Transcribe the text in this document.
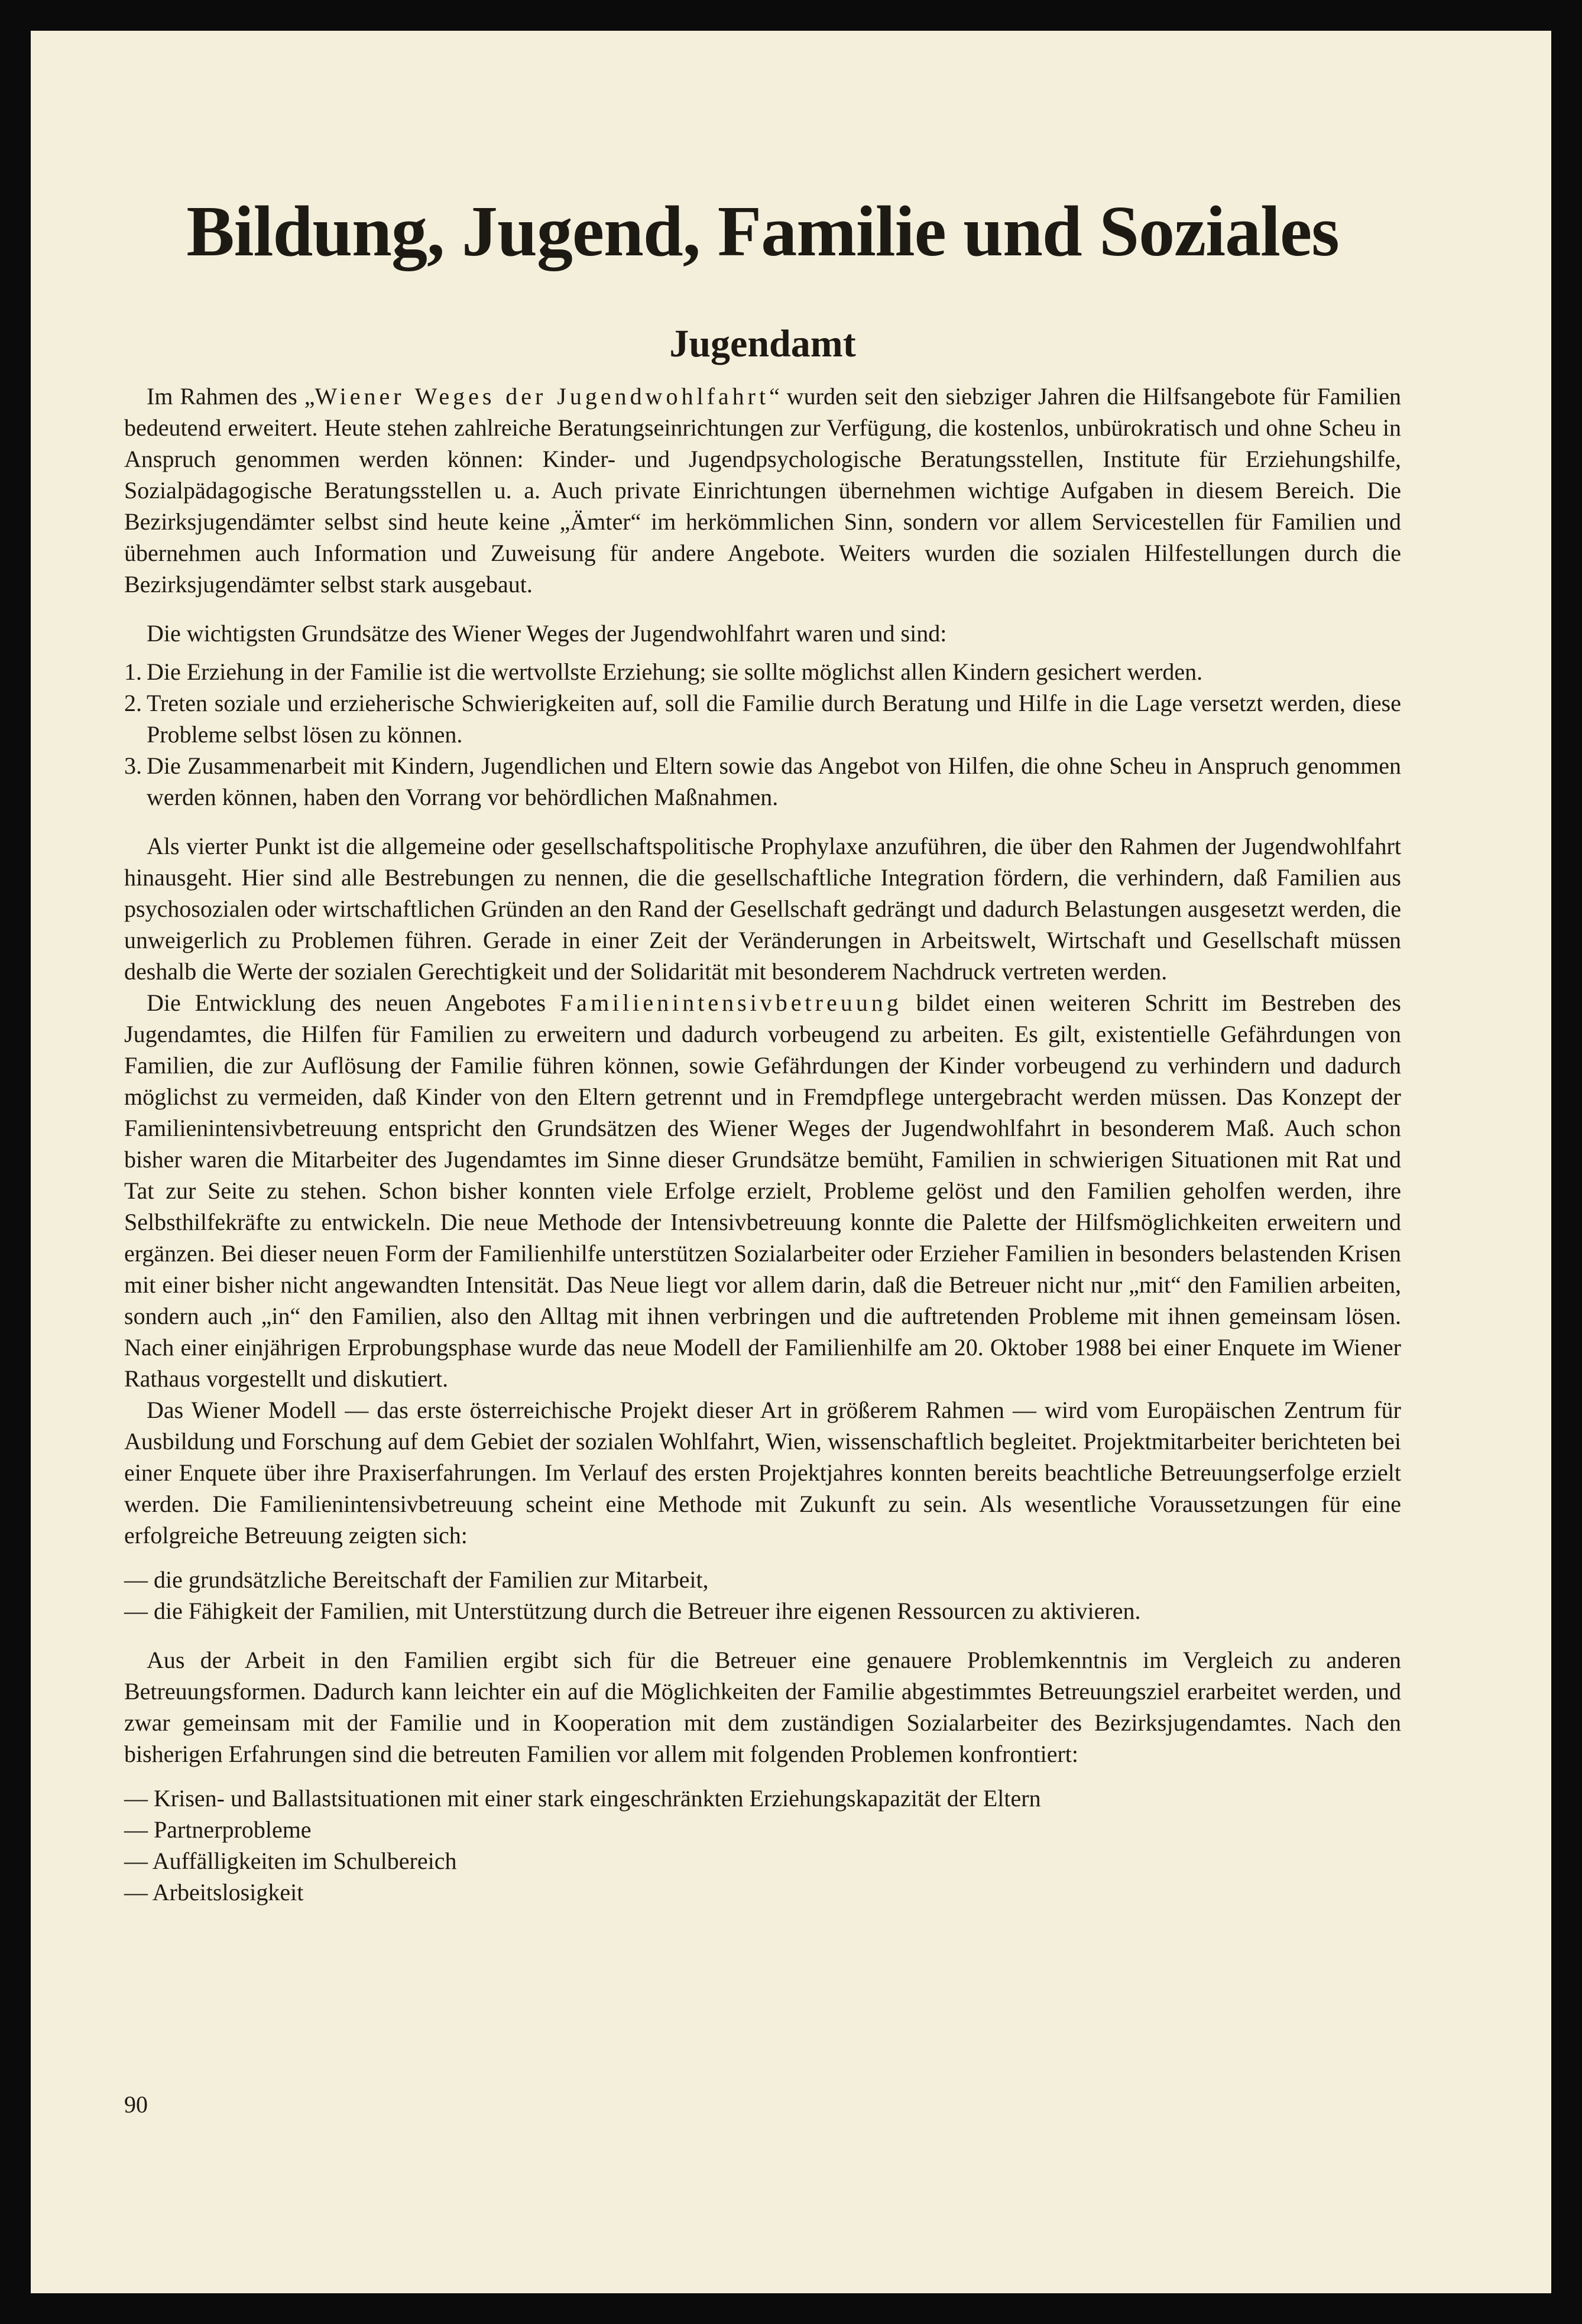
Bildung, Jugend, Familie und Soziales
Jugendamt

Im Rahmen des „Wiener Weges der Jugendwohlfahrt“ wurden seit den siebziger Jahren die Hilfsangebote für Familien bedeutend erweitert. Heute stehen zahlreiche Beratungseinrichtungen zur Verfügung, die kostenlos, unbürokratisch und ohne Scheu in Anspruch genommen werden können: Kinder- und Jugendpsychologische Beratungsstellen, Institute für Erziehungshilfe, Sozialpädagogische Beratungsstellen u. a. Auch private Einrichtungen übernehmen wichtige Aufgaben in diesem Bereich. Die Bezirksjugendämter selbst sind heute keine „Ämter“ im herkömmlichen Sinn, sondern vor allem Servicestellen für Familien und übernehmen auch Information und Zuweisung für andere Angebote. Weiters wurden die sozialen Hilfestellungen durch die Bezirksjugendämter selbst stark ausgebaut.

Die wichtigsten Grundsätze des Wiener Weges der Jugendwohlfahrt waren und sind:

1. Die Erziehung in der Familie ist die wertvollste Erziehung; sie sollte möglichst allen Kindern gesichert werden.
2. Treten soziale und erzieherische Schwierigkeiten auf, soll die Familie durch Beratung und Hilfe in die Lage versetzt werden, diese Probleme selbst lösen zu können.
3. Die Zusammenarbeit mit Kindern, Jugendlichen und Eltern sowie das Angebot von Hilfen, die ohne Scheu in Anspruch genommen werden können, haben den Vorrang vor behördlichen Maßnahmen.

Als vierter Punkt ist die allgemeine oder gesellschaftspolitische Prophylaxe anzuführen, die über den Rahmen der Jugendwohlfahrt hinausgeht. Hier sind alle Bestrebungen zu nennen, die die gesellschaftliche Integration fördern, die verhindern, daß Familien aus psychosozialen oder wirtschaftlichen Gründen an den Rand der Gesellschaft gedrängt und dadurch Belastungen ausgesetzt werden, die unweigerlich zu Problemen führen. Gerade in einer Zeit der Veränderungen in Arbeitswelt, Wirtschaft und Gesellschaft müssen deshalb die Werte der sozialen Gerechtigkeit und der Solidarität mit besonderem Nachdruck vertreten werden.

Die Entwicklung des neuen Angebotes Familienintensivbetreuung bildet einen weiteren Schritt im Bestreben des Jugendamtes, die Hilfen für Familien zu erweitern und dadurch vorbeugend zu arbeiten. Es gilt, existentielle Gefährdungen von Familien, die zur Auflösung der Familie führen können, sowie Gefährdungen der Kinder vorbeugend zu verhindern und dadurch möglichst zu vermeiden, daß Kinder von den Eltern getrennt und in Fremdpflege untergebracht werden müssen. Das Konzept der Familienintensivbetreuung entspricht den Grundsätzen des Wiener Weges der Jugendwohlfahrt in besonderem Maß. Auch schon bisher waren die Mitarbeiter des Jugendamtes im Sinne dieser Grundsätze bemüht, Familien in schwierigen Situationen mit Rat und Tat zur Seite zu stehen. Schon bisher konnten viele Erfolge erzielt, Probleme gelöst und den Familien geholfen werden, ihre Selbsthilfekräfte zu entwickeln. Die neue Methode der Intensivbetreuung konnte die Palette der Hilfsmöglichkeiten erweitern und ergänzen. Bei dieser neuen Form der Familienhilfe unterstützen Sozialarbeiter oder Erzieher Familien in besonders belastenden Krisen mit einer bisher nicht angewandten Intensität. Das Neue liegt vor allem darin, daß die Betreuer nicht nur „mit“ den Familien arbeiten, sondern auch „in“ den Familien, also den Alltag mit ihnen verbringen und die auftretenden Probleme mit ihnen gemeinsam lösen. Nach einer einjährigen Erprobungsphase wurde das neue Modell der Familienhilfe am 20. Oktober 1988 bei einer Enquete im Wiener Rathaus vorgestellt und diskutiert.

Das Wiener Modell — das erste österreichische Projekt dieser Art in größerem Rahmen — wird vom Europäischen Zentrum für Ausbildung und Forschung auf dem Gebiet der sozialen Wohlfahrt, Wien, wissenschaftlich begleitet. Projektmitarbeiter berichteten bei einer Enquete über ihre Praxiserfahrungen. Im Verlauf des ersten Projektjahres konnten bereits beachtliche Betreuungserfolge erzielt werden. Die Familienintensivbetreuung scheint eine Methode mit Zukunft zu sein. Als wesentliche Voraussetzungen für eine erfolgreiche Betreuung zeigten sich:

— die grundsätzliche Bereitschaft der Familien zur Mitarbeit,
— die Fähigkeit der Familien, mit Unterstützung durch die Betreuer ihre eigenen Ressourcen zu aktivieren.

Aus der Arbeit in den Familien ergibt sich für die Betreuer eine genauere Problemkenntnis im Vergleich zu anderen Betreuungsformen. Dadurch kann leichter ein auf die Möglichkeiten der Familie abgestimmtes Betreuungsziel erarbeitet werden, und zwar gemeinsam mit der Familie und in Kooperation mit dem zuständigen Sozialarbeiter des Bezirksjugendamtes. Nach den bisherigen Erfahrungen sind die betreuten Familien vor allem mit folgenden Problemen konfrontiert:

— Krisen- und Ballastsituationen mit einer stark eingeschränkten Erziehungskapazität der Eltern
— Partnerprobleme
— Auffälligkeiten im Schulbereich
— Arbeitslosigkeit
90
